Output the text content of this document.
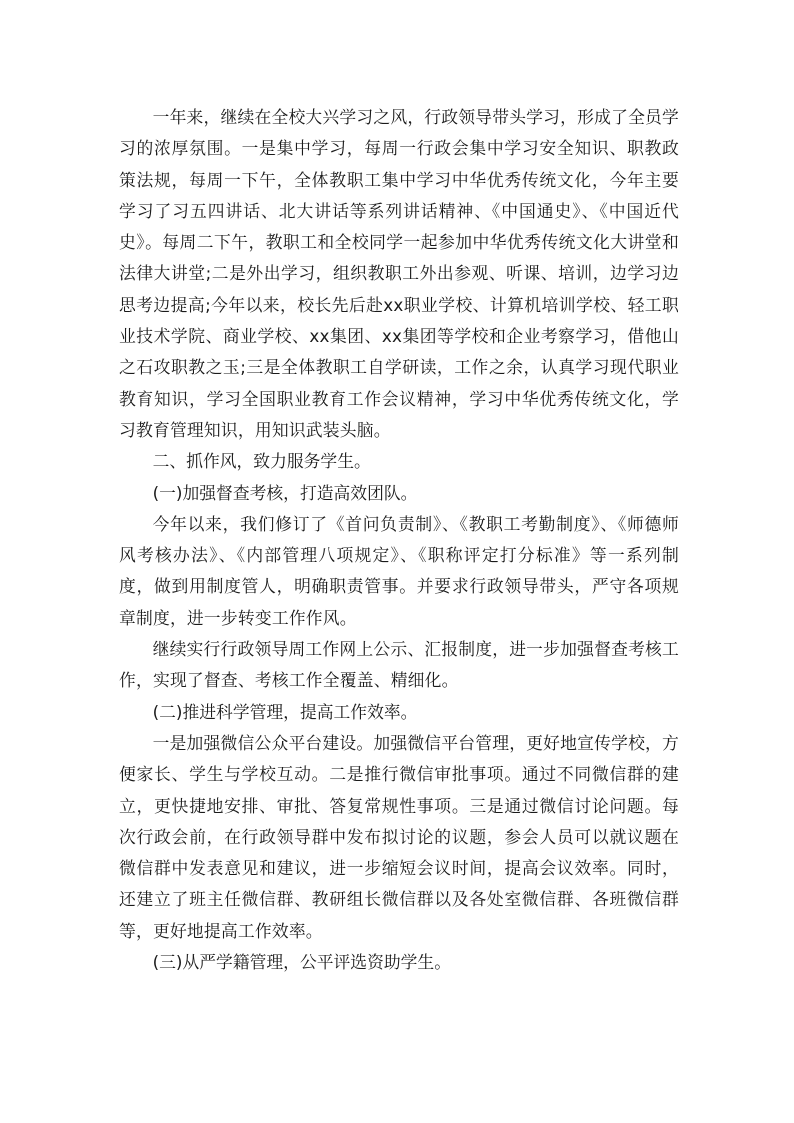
一年来，继续在全校大兴学习之风，行政领导带头学习，形成了全员学习的浓厚氛围。一是集中学习，每周一行政会集中学习安全知识、职教政策法规，每周一下午，全体教职工集中学习中华优秀传统文化，今年主要学习了习五四讲话、北大讲话等系列讲话精神、《中国通史》、《中国近代史》。每周二下午，教职工和全校同学一起参加中华优秀传统文化大讲堂和法律大讲堂;二是外出学习，组织教职工外出参观、听课、培训，边学习边思考边提高;今年以来，校长先后赴xx职业学校、计算机培训学校、轻工职业技术学院、商业学校、xx集团、xx集团等学校和企业考察学习，借他山之石攻职教之玉;三是全体教职工自学研读，工作之余，认真学习现代职业教育知识，学习全国职业教育工作会议精神，学习中华优秀传统文化，学习教育管理知识，用知识武装头脑。

二、抓作风，致力服务学生。

(一)加强督查考核，打造高效团队。

今年以来，我们修订了《首问负责制》、《教职工考勤制度》、《师德师风考核办法》、《内部管理八项规定》、《职称评定打分标准》等一系列制度，做到用制度管人，明确职责管事。并要求行政领导带头，严守各项规章制度，进一步转变工作作风。

继续实行行政领导周工作网上公示、汇报制度，进一步加强督查考核工作，实现了督查、考核工作全覆盖、精细化。

(二)推进科学管理，提高工作效率。

一是加强微信公众平台建设。加强微信平台管理，更好地宣传学校，方便家长、学生与学校互动。二是推行微信审批事项。通过不同微信群的建立，更快捷地安排、审批、答复常规性事项。三是通过微信讨论问题。每次行政会前，在行政领导群中发布拟讨论的议题，参会人员可以就议题在微信群中发表意见和建议，进一步缩短会议时间，提高会议效率。同时，还建立了班主任微信群、教研组长微信群以及各处室微信群、各班微信群等，更好地提高工作效率。

(三)从严学籍管理，公平评选资助学生。
